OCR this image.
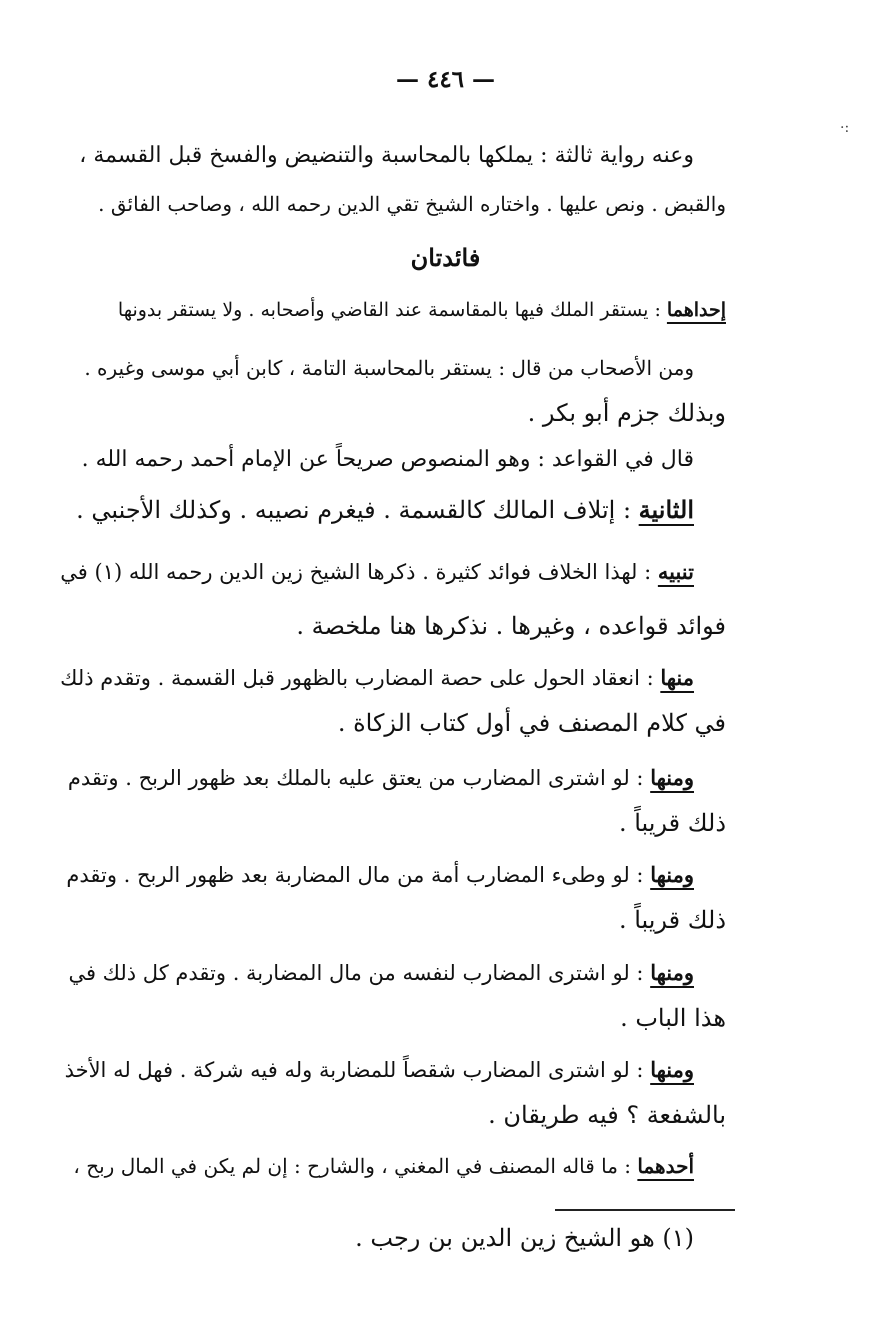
— ٤٤٦ —
·:
وعنه رواية ثالثة : يملكها بالمحاسبة والتنضيض والفسخ قبل القسمة ،
والقبض . ونص عليها . واختاره الشيخ تقي الدين رحمه الله ، وصاحب الفائق .
فائدتان
إحداهما : يستقر الملك فيها بالمقاسمة عند القاضي وأصحابه . ولا يستقر بدونها
ومن الأصحاب من قال : يستقر بالمحاسبة التامة ، كابن أبي موسى وغيره .
وبذلك جزم أبو بكر .
قال في القواعد : وهو المنصوص صريحاً عن الإمام أحمد رحمه الله .
الثانية : إتلاف المالك كالقسمة . فيغرم نصيبه . وكذلك الأجنبي .
تنبيه : لهذا الخلاف فوائد كثيرة . ذكرها الشيخ زين الدين رحمه الله (١) في
فوائد قواعده ، وغيرها . نذكرها هنا ملخصة .
منها : انعقاد الحول على حصة المضارب بالظهور قبل القسمة . وتقدم ذلك
في كلام المصنف في أول كتاب الزكاة .
ومنها : لو اشترى المضارب من يعتق عليه بالملك بعد ظهور الربح . وتقدم
ذلك قريباً .
ومنها : لو وطىء المضارب أمة من مال المضاربة بعد ظهور الربح . وتقدم
ذلك قريباً .
ومنها : لو اشترى المضارب لنفسه من مال المضاربة . وتقدم كل ذلك في
هذا الباب .
ومنها : لو اشترى المضارب شقصاً للمضاربة وله فيه شركة . فهل له الأخذ
بالشفعة ؟ فيه طريقان .
أحدهما : ما قاله المصنف في المغني ، والشارح : إن لم يكن في المال ربح ،
(١) هو الشيخ زين الدين بن رجب .
